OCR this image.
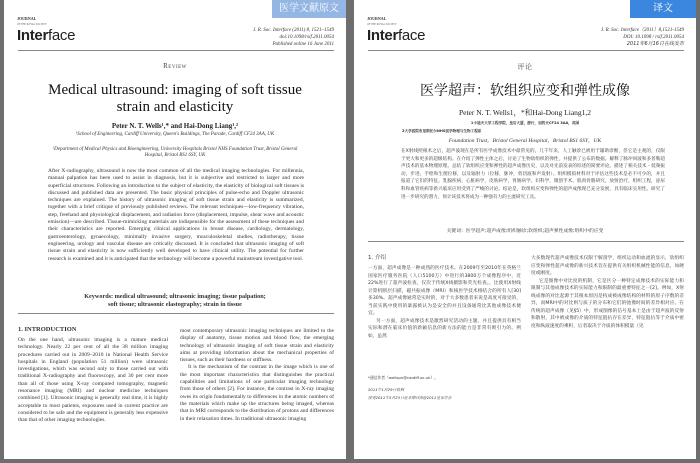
医学文献原文
JOURNAL
OF THE ROYAL SOCIETY
Interface	J. R. Soc. Interface (2011) 8, 1521–1549
doi:10.1098/rsif.2011.0054
Published online 16 June 2011
Review
Medical ultrasound: imaging of soft tissue strain and elasticity
Peter N. T. Wells¹,* and Hai-Dong Liang¹,²
¹School of Engineering, Cardiff University, Queen's Buildings, The Parade, Cardiff CF24 3AA, UK
²Department of Medical Physics and Bioengineering, University Hospitals Bristol NHS Foundation Trust, Bristol General Hospital, Bristol BS1 6SY, UK
After X-radiography, ultrasound is now the most common of all the medical imaging technologies. For millennia, manual palpation has been used to assist in diagnosis, but it is subjective and restricted to larger and more superficial structures. Following an introduction to the subject of elasticity, the elasticity of biological soft tissues is discussed and published data are presented. The basic physical principles of pulse-echo and Doppler ultrasonic techniques are explained. The history of ultrasonic imaging of soft tissue strain and elasticity is summarized, together with a brief critique of previously published reviews. The relevant techniques—low-frequency vibration, step, freehand and physiological displacement, and radiation force (displacement, impulse, shear wave and acoustic emission)—are described. Tissue-mimicking materials are indispensible for the assessment of these techniques and their characteristics are reported. Emerging clinical applications in breast disease, cardiology, dermatology, gastroenterology, gynaecology, minimally invasive surgery, musculoskeletal studies, radiotherapy, tissue engineering, urology and vascular disease are critically discussed. It is concluded that ultrasonic imaging of soft tissue strain and elasticity is now sufficiently well developed to have clinical utility. The potential for further research is examined and it is anticipated that the technology will become a powerful mainstream investigative tool.
Keywords: medical ultrasound; ultrasonic imaging; tissue palpation;
soft tissue; ultrasonic elastography; strain in tissue
1. INTRODUCTION

On the one hand, ultrasonic imaging is a mature medical technology. Nearly 22 per cent of all the 38 million imaging procedures carried out in 2009–2010 in National Health Service hospitals in England (population 51 million) were ultrasonic investigations, which was second only to those carried out with traditional X-radiography and fluoroscopy, and 30 per cent more than all of those using X-ray computed tomography, magnetic resonance imaging (MRI) and nuclear medicine techniques combined [1]. Ultrasonic imaging is generally real time, it is highly acceptable to most patients, exposures used in current practice are considered to be safe and the equipment is generally less expensive than that of other imaging technologies.

most contemporary ultrasonic imaging techniques are limited to the display of anatomy, tissue motion and blood flow, the emerging technology of ultrasonic imaging of soft tissue strain and elasticity aims at providing information about the mechanical properties of tissues, such as their hardness or stiffness.

It is the mechanism of the contrast in the image which is one of the most important characteristics that distinguishes the practical capabilities and limitations of one particular imaging technology from those of others [2]. For instance, the contrast in X-ray imaging owes its origin fundamentally to differences in the atomic numbers of the materials which make up the structures being imaged, whereas that in MRI corresponds to the distribution of protons and differences in their relaxation times. In traditional ultrasonic imaging

译文
JOURNAL
OF THE ROYAL SOCIETY
Interface	J. R. Soc. Interface（2011）8,1521-1549
DOI: 10.1098 / rsif.2011.0054
2011年6月16日在线发布
评论
医学超声：软组织应变和弹性成像
Peter N. T. Wells1，*和Hai-Dong Liang1,2
1卡迪夫大学工程学院，皇后大厦，游行，加的夫CF24 3AA，英国
2大学医院布里斯托尔NHS医学物理与生物工程系
Foundation Trust，Bristol General Hospital，Bristol BS1 6SY，UK
在X射线照相术之后，超声波现在是所有医学成像技术中最常见的。几千年来，人工触诊已被用于辅助诊断，但它是主观的，仅限于更大和更多的超级结构。在介绍了弹性主体之后，讨论了生物软组织的弹性，并提供了公布的数据。解释了脉冲回波和多普勒超声技术的基本物理原理。总结了软组织应变和弹性的超声成像历史，以及对先前发表的综述的简要评论。描述了相关技术 - 低频振动，步进，手绘和生理位移，以及辐射力（位移，脉冲，剪切波和声发射）。组织模拟材料对于评估这些技术是必不可少的，并且报道了它们的特征。乳腺疾病，心脏病学，皮肤病学，胃肠病学，妇科学，微创手术，肌肉骨骼研究，放射治疗，组织工程，泌尿科和血管疾病等新兴临床应用受到了严峻的讨论。结论是，软组织应变和弹性的超声成像现已充分发展，具有临床实用性。研究了进一步研究的潜力，预计该技术将成为一种强有力的主流研究工具。
关键词：医学超声;超声成像;组织触诊;软组织;超声弹性成像;组织中的应变
1. 介绍

一方面，超声成像是一种成熟的医疗技术。在2009年至2010年在英格兰国家医疗服务医院（人口5100万）中进行的3800万个成像程序中，近22%进行了超声波检查，仅次于传统X线摄影和荧光检查。，比使用X射线计算机断层扫描，磁共振成像（MRI）和核医学技术相结合的所有人[30]多30%。超声成像通常是实时的，对于大多数患者来说是高度可接受的，当前实践中使用的暴露被认为是安全的并且设备通常比其他成像技术便宜。

另一方面，超声成像技术是激烈研究活动的主题，并且提供具有相当实际和潜在临床价值的新颖信息的新方法的能力是非常有吸引力的。例如，虽然

*通信作者（wellspn@cardiff.ac.uk）。
2011年1月29日收到
接受2011年5月23日证本期刊由@2011皇家学会

大多数现代超声成像技术仅限于解剖学，组织运动和血流的显示，软组织应变和弹性超声成像的新兴技术旨在提供有关组织机械性能的信息，如硬度或刚度。

它是图像中对比度的机制，它是区分一种特定成像技术的实际能力和限制与其他成像技术的实际能力和限制的最重要特征之一[2]。例如，X射线成像的对比起源于其根本原因是构成被成像结构的材料的原子序数的差异，而MRI中的对比则与质子的分布和它们的弛豫时间的差异相对应。在传统的超声成像（见§5）中，形成图像的信号基本上是由于超声波的反射和散射，其中被成像的介质的特征阻抗存在差异，特征阻抗等于介质中密度和纵波速度的乘积，后者取决于介质的体积模量（见
